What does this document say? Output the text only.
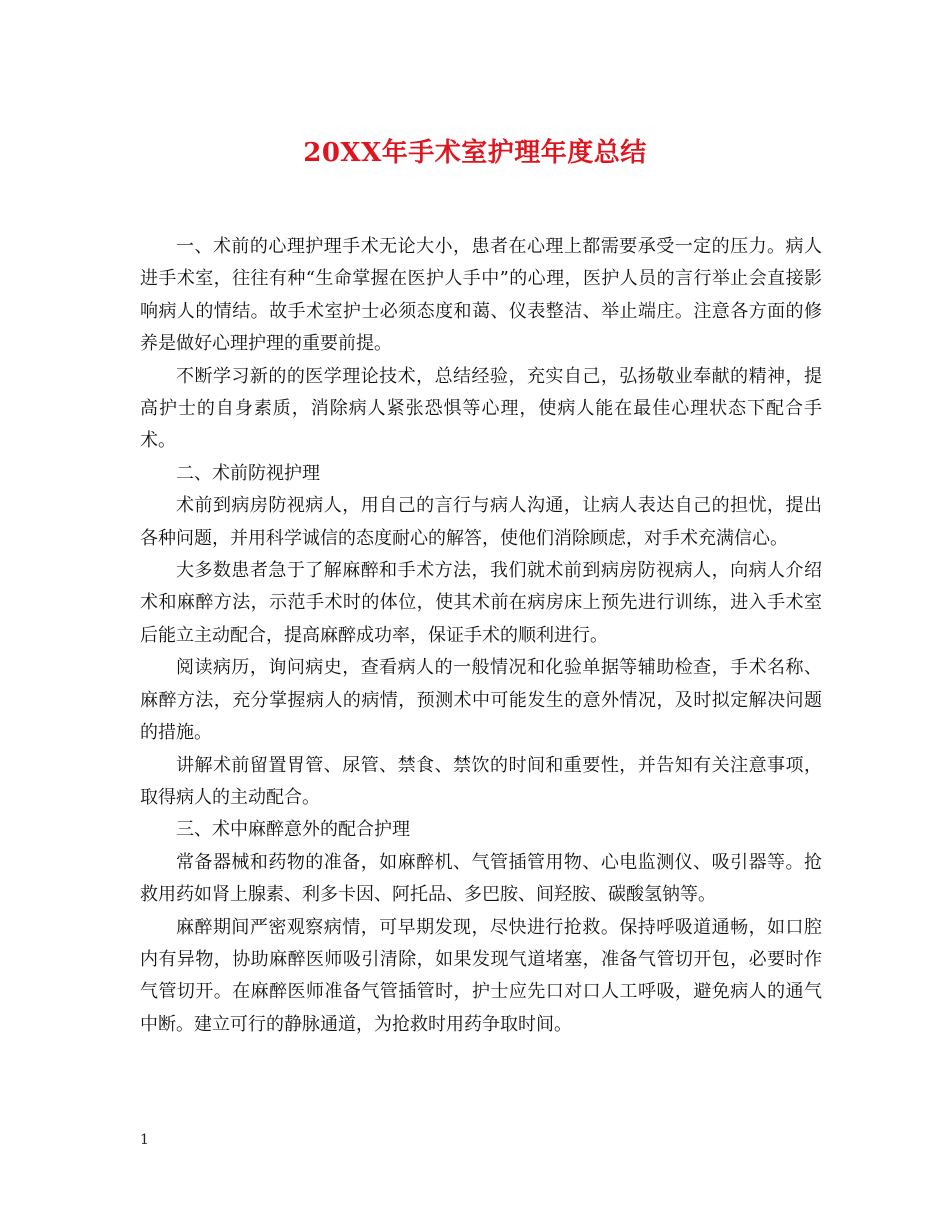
20XX年手术室护理年度总结

一、术前的心理护理手术无论大小，患者在心理上都需要承受一定的压力。病人进手术室，往往有种“生命掌握在医护人手中”的心理，医护人员的言行举止会直接影响病人的情结。故手术室护士必须态度和蔼、仪表整洁、举止端庄。注意各方面的修养是做好心理护理的重要前提。

不断学习新的的医学理论技术，总结经验，充实自己，弘扬敬业奉献的精神，提高护士的自身素质，消除病人紧张恐惧等心理，使病人能在最佳心理状态下配合手术。

二、术前防视护理

术前到病房防视病人，用自己的言行与病人沟通，让病人表达自己的担忧，提出各种问题，并用科学诚信的态度耐心的解答，使他们消除顾虑，对手术充满信心。

大多数患者急于了解麻醉和手术方法，我们就术前到病房防视病人，向病人介绍术和麻醉方法，示范手术时的体位，使其术前在病房床上预先进行训练，进入手术室后能立主动配合，提高麻醉成功率，保证手术的顺利进行。

阅读病历，询问病史，查看病人的一般情况和化验单据等辅助检查，手术名称、麻醉方法，充分掌握病人的病情，预测术中可能发生的意外情况，及时拟定解决问题的措施。

讲解术前留置胃管、尿管、禁食、禁饮的时间和重要性，并告知有关注意事项，取得病人的主动配合。

三、术中麻醉意外的配合护理

常备器械和药物的准备，如麻醉机、气管插管用物、心电监测仪、吸引器等。抢救用药如肾上腺素、利多卡因、阿托品、多巴胺、间羟胺、碳酸氢钠等。

麻醉期间严密观察病情，可早期发现，尽快进行抢救。保持呼吸道通畅，如口腔内有异物，协助麻醉医师吸引清除，如果发现气道堵塞，准备气管切开包，必要时作气管切开。在麻醉医师准备气管插管时，护士应先口对口人工呼吸，避免病人的通气中断。建立可行的静脉通道，为抢救时用药争取时间。

1
